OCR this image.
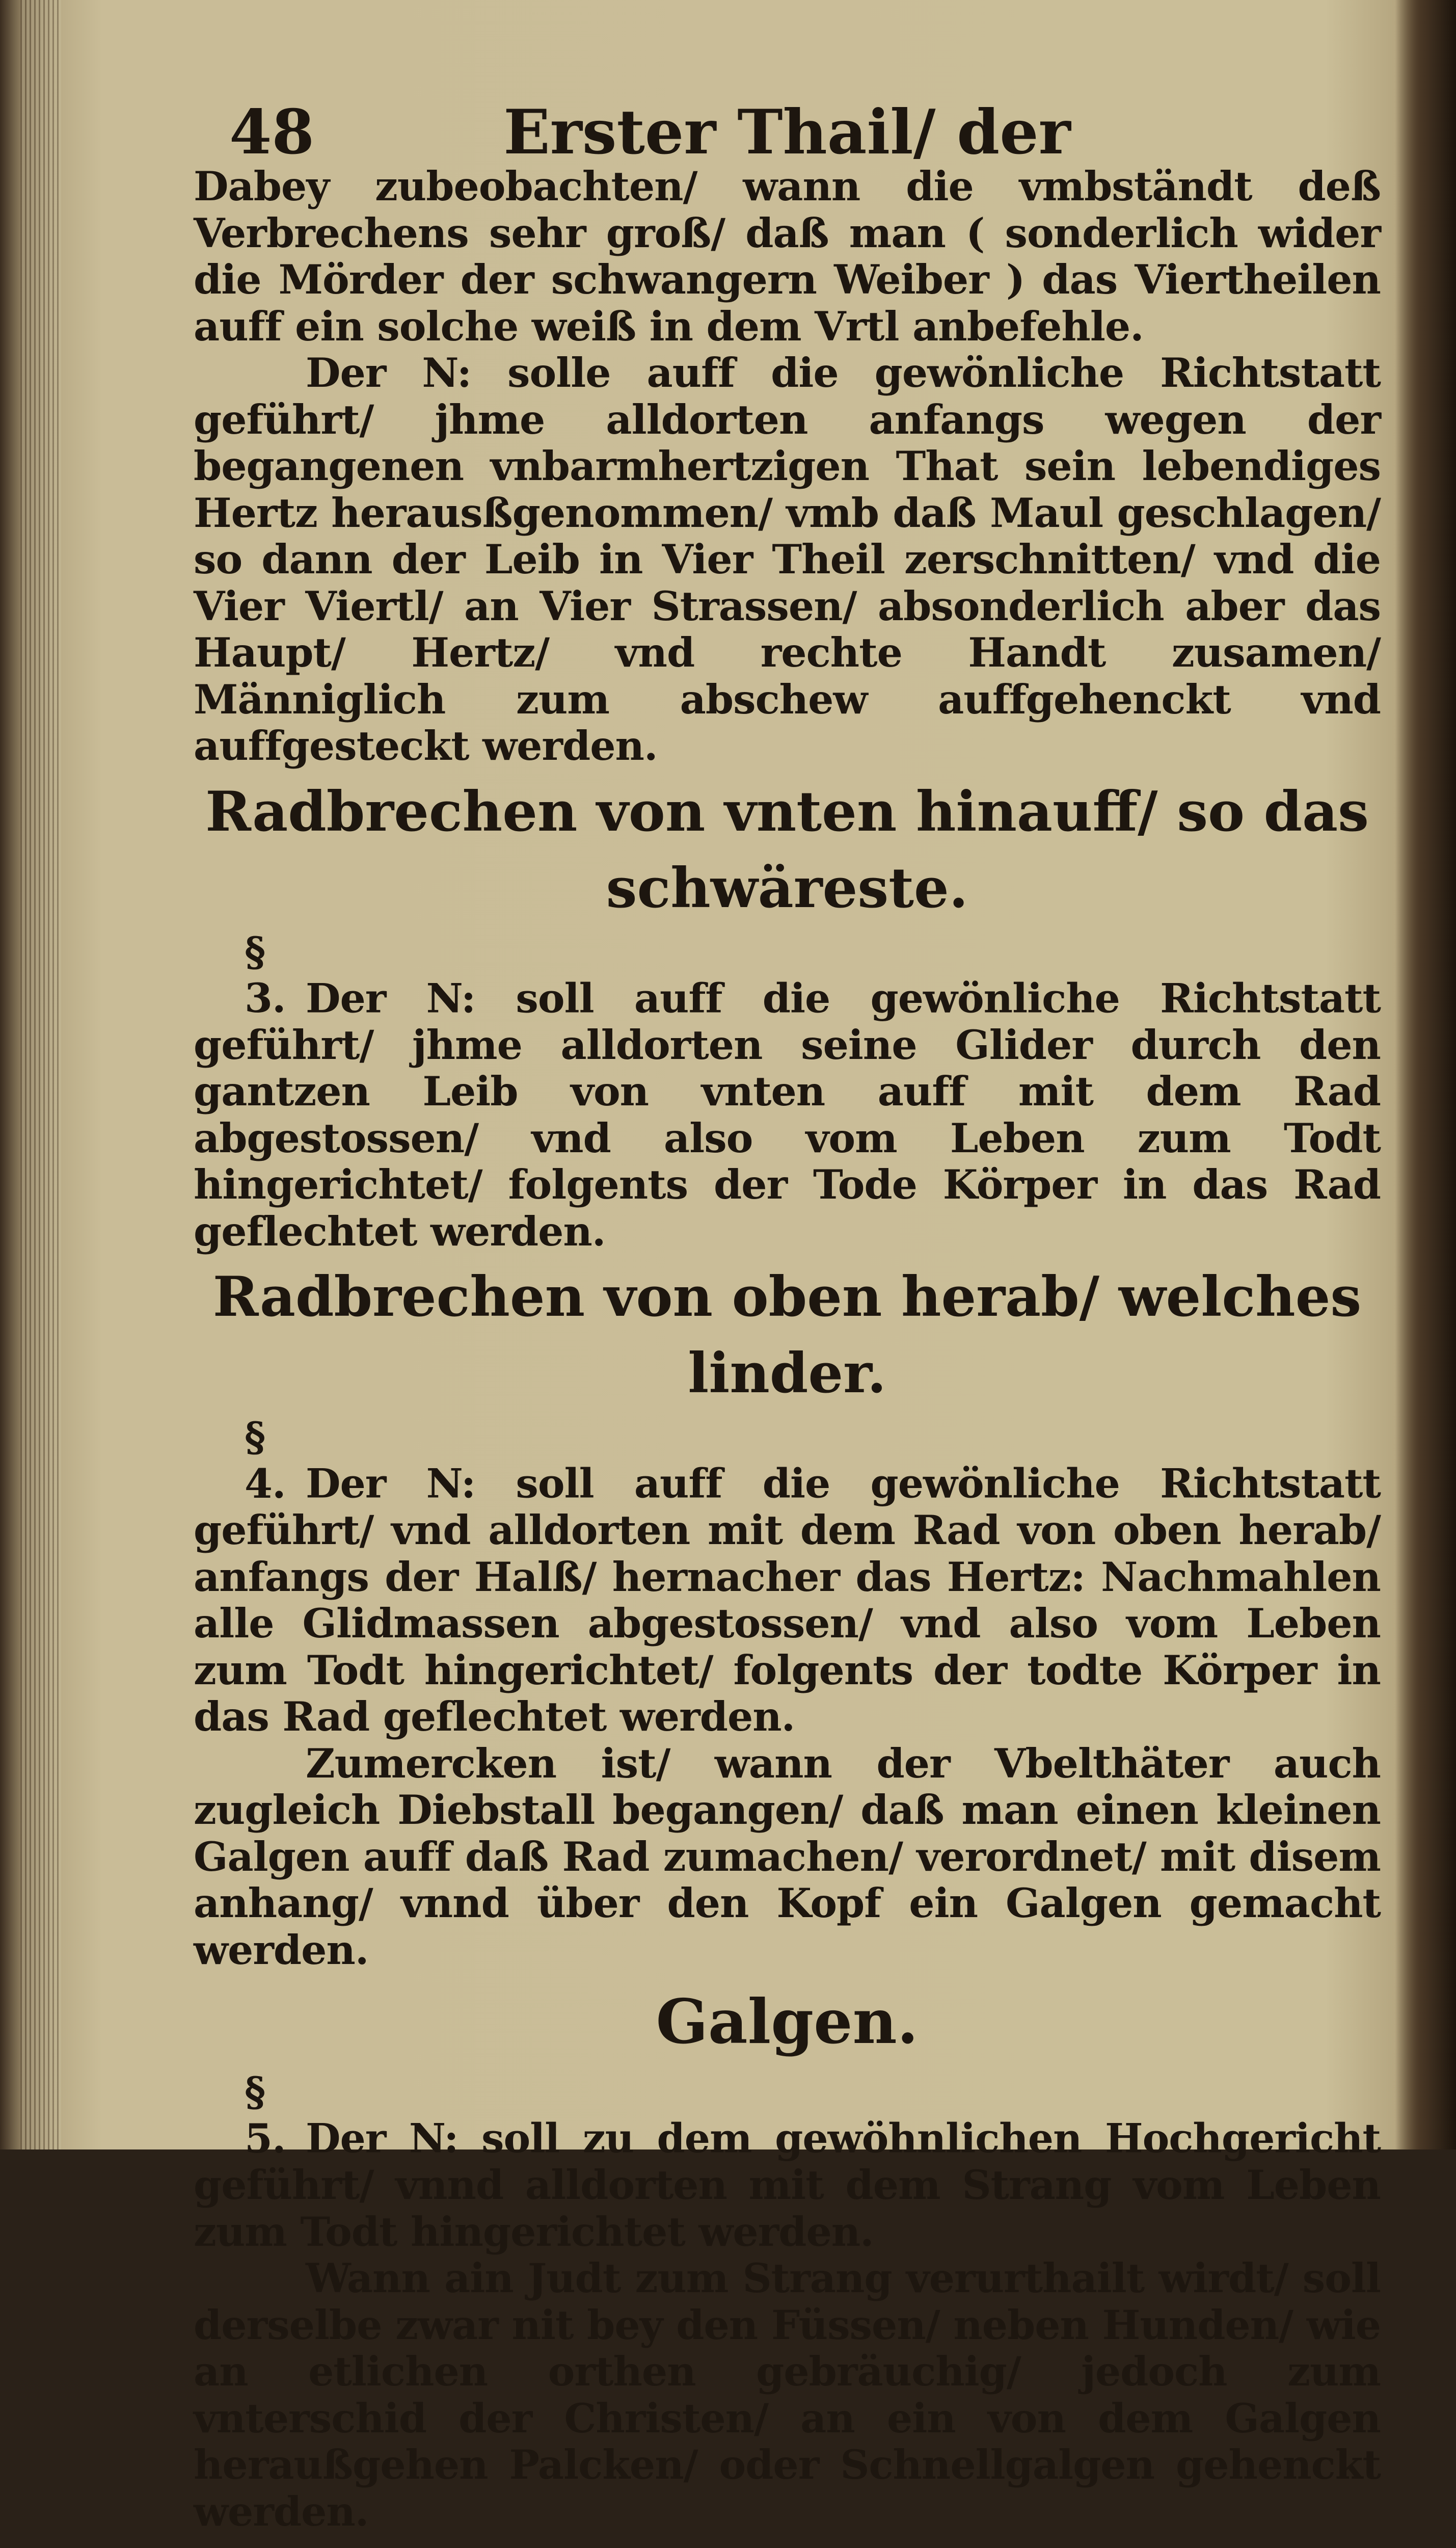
48	Erster Thail/ der

Dabey zubeobachten/ wann die vmbständt deß Verbrechens sehr groß/ daß man ( sonderlich wider die Mörder der schwangern Weiber ) das Viertheilen auff ein solche weiß in dem Vrtl anbefehle.

Der N: solle auff die gewönliche Richtstatt geführt/ jhme alldorten anfangs wegen der begangenen vnbarmhertzigen That sein lebendiges Hertz herausßgenommen/ vmb daß Maul geschlagen/ so dann der Leib in Vier Theil zerschnitten/ vnd die Vier Viertl/ an Vier Strassen/ absonderlich aber das Haupt/ Hertz/ vnd rechte Handt zusamen/ Männiglich zum abschew auffgehenckt vnd auffgesteckt werden.

Radbrechen von vnten hinauff/ so das schwäreste.

§ 3. Der N: soll auff die gewönliche Richtstatt geführt/ jhme alldorten seine Glider durch den gantzen Leib von vnten auff mit dem Rad abgestossen/ vnd also vom Leben zum Todt hingerichtet/ folgents der Tode Körper in das Rad geflechtet werden.

Radbrechen von oben herab/ welches linder.

§ 4. Der N: soll auff die gewönliche Richtstatt geführt/ vnd alldorten mit dem Rad von oben herab/ anfangs der Halß/ hernacher das Hertz: Nachmahlen alle Glidmassen abgestossen/ vnd also vom Leben zum Todt hingerichtet/ folgents der todte Körper in das Rad geflechtet werden.

Zumercken ist/ wann der Vbelthäter auch zugleich Diebstall begangen/ daß man einen kleinen Galgen auff daß Rad zumachen/ verordnet/ mit disem anhang/ vnnd über den Kopf ein Galgen gemacht werden.

Galgen.

§ 5. Der N: soll zu dem gewöhnlichen Hochgericht geführt/ vnnd alldorten mit dem Strang vom Leben zum Todt hingerichtet werden.

Wann ain Judt zum Strang verurthailt wirdt/ soll derselbe zwar nit bey den Füssen/ neben Hunden/ wie an etlichen orthen gebräuchig/ jedoch zum vnterschid der Christen/ an ein von dem Galgen heraußgehen Palcken/ oder Schnellgalgen gehenckt werden.
